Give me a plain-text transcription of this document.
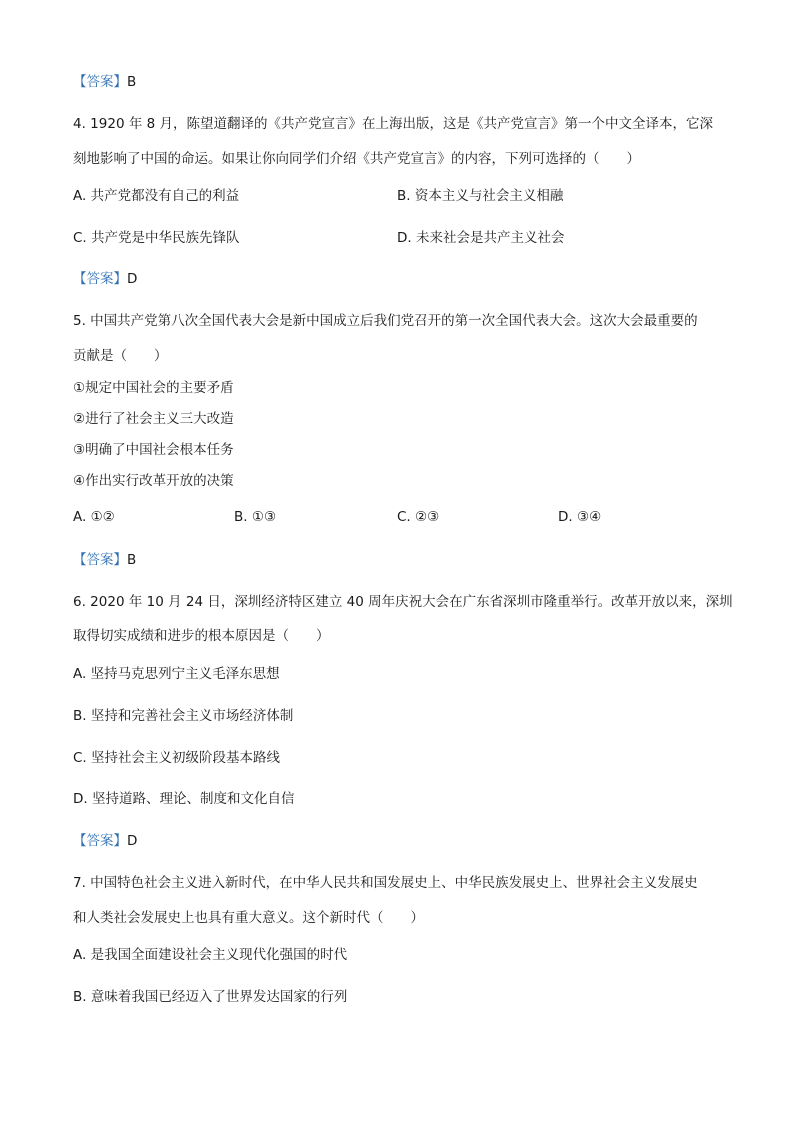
【答案】B
4. 1920 年 8 月，陈望道翻译的《共产党宣言》在上海出版，这是《共产党宣言》第一个中文全译本，它深
刻地影响了中国的命运。如果让你向同学们介绍《共产党宣言》的内容，下列可选择的（　　）
A. 共产党都没有自己的利益	B. 资本主义与社会主义相融
C. 共产党是中华民族先锋队	D. 未来社会是共产主义社会
【答案】D
5. 中国共产党第八次全国代表大会是新中国成立后我们党召开的第一次全国代表大会。这次大会最重要的
贡献是（　　）
①规定中国社会的主要矛盾
②进行了社会主义三大改造
③明确了中国社会根本任务
④作出实行改革开放的决策
A. ①②	B. ①③	C. ②③	D. ③④
【答案】B
6. 2020 年 10 月 24 日，深圳经济特区建立 40 周年庆祝大会在广东省深圳市隆重举行。改革开放以来，深圳
取得切实成绩和进步的根本原因是（　　）
A. 坚持马克思列宁主义毛泽东思想
B. 坚持和完善社会主义市场经济体制
C. 坚持社会主义初级阶段基本路线
D. 坚持道路、理论、制度和文化自信
【答案】D
7. 中国特色社会主义进入新时代，在中华人民共和国发展史上、中华民族发展史上、世界社会主义发展史
和人类社会发展史上也具有重大意义。这个新时代（　　）
A. 是我国全面建设社会主义现代化强国的时代
B. 意味着我国已经迈入了世界发达国家的行列
